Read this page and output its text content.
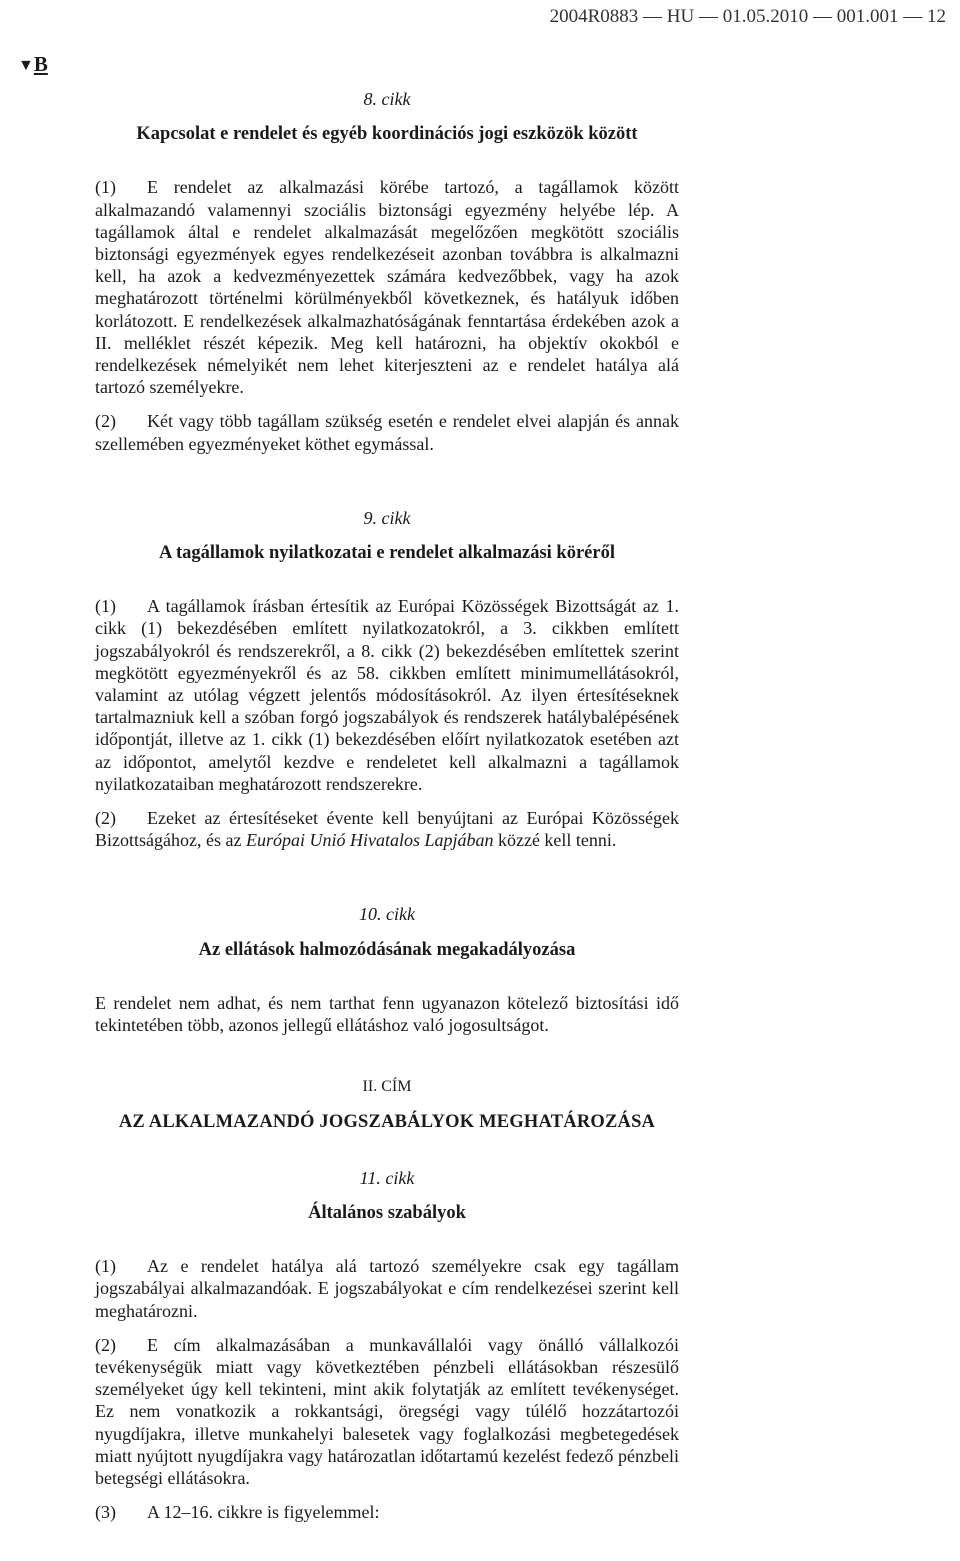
2004R0883 — HU — 01.05.2010 — 001.001 — 12
▼B

8. cikk

Kapcsolat e rendelet és egyéb koordinációs jogi eszközök között

(1) E rendelet az alkalmazási körébe tartozó, a tagállamok között alkalmazandó valamennyi szociális biztonsági egyezmény helyébe lép. A tagállamok által e rendelet alkalmazását megelőzően megkötött szociális biztonsági egyezmények egyes rendelkezéseit azonban továbbra is alkalmazni kell, ha azok a kedvezményezettek számára kedvezőbbek, vagy ha azok meghatározott történelmi körülményekből következnek, és hatályuk időben korlátozott. E rendelkezések alkalmazhatóságának fenntartása érdekében azok a II. melléklet részét képezik. Meg kell határozni, ha objektív okokból e rendelkezések némelyikét nem lehet kiterjeszteni az e rendelet hatálya alá tartozó személyekre.

(2) Két vagy több tagállam szükség esetén e rendelet elvei alapján és annak szellemében egyezményeket köthet egymással.

9. cikk

A tagállamok nyilatkozatai e rendelet alkalmazási köréről

(1) A tagállamok írásban értesítik az Európai Közösségek Bizottságát az 1. cikk (1) bekezdésében említett nyilatkozatokról, a 3. cikkben említett jogszabályokról és rendszerekről, a 8. cikk (2) bekezdésében említettek szerint megkötött egyezményekről és az 58. cikkben említett minimumellátásokról, valamint az utólag végzett jelentős módosításokról. Az ilyen értesítéseknek tartalmazniuk kell a szóban forgó jogszabályok és rendszerek hatálybalépésének időpontját, illetve az 1. cikk (1) bekezdésében előírt nyilatkozatok esetében azt az időpontot, amelytől kezdve e rendeletet kell alkalmazni a tagállamok nyilatkozataiban meghatározott rendszerekre.

(2) Ezeket az értesítéseket évente kell benyújtani az Európai Közösségek Bizottságához, és az Európai Unió Hivatalos Lapjában közzé kell tenni.

10. cikk

Az ellátások halmozódásának megakadályozása

E rendelet nem adhat, és nem tarthat fenn ugyanazon kötelező biztosítási idő tekintetében több, azonos jellegű ellátáshoz való jogosultságot.

II. CÍM

AZ ALKALMAZANDÓ JOGSZABÁLYOK MEGHATÁROZÁSA

11. cikk

Általános szabályok

(1) Az e rendelet hatálya alá tartozó személyekre csak egy tagállam jogszabályai alkalmazandóak. E jogszabályokat e cím rendelkezései szerint kell meghatározni.

(2) E cím alkalmazásában a munkavállalói vagy önálló vállalkozói tevékenységük miatt vagy következtében pénzbeli ellátásokban részesülő személyeket úgy kell tekinteni, mint akik folytatják az említett tevékenységet. Ez nem vonatkozik a rokkantsági, öregségi vagy túlélő hozzátartozói nyugdíjakra, illetve munkahelyi balesetek vagy foglalkozási megbetegedések miatt nyújtott nyugdíjakra vagy határozatlan időtartamú kezelést fedező pénzbeli betegségi ellátásokra.

(3) A 12–16. cikkre is figyelemmel:
